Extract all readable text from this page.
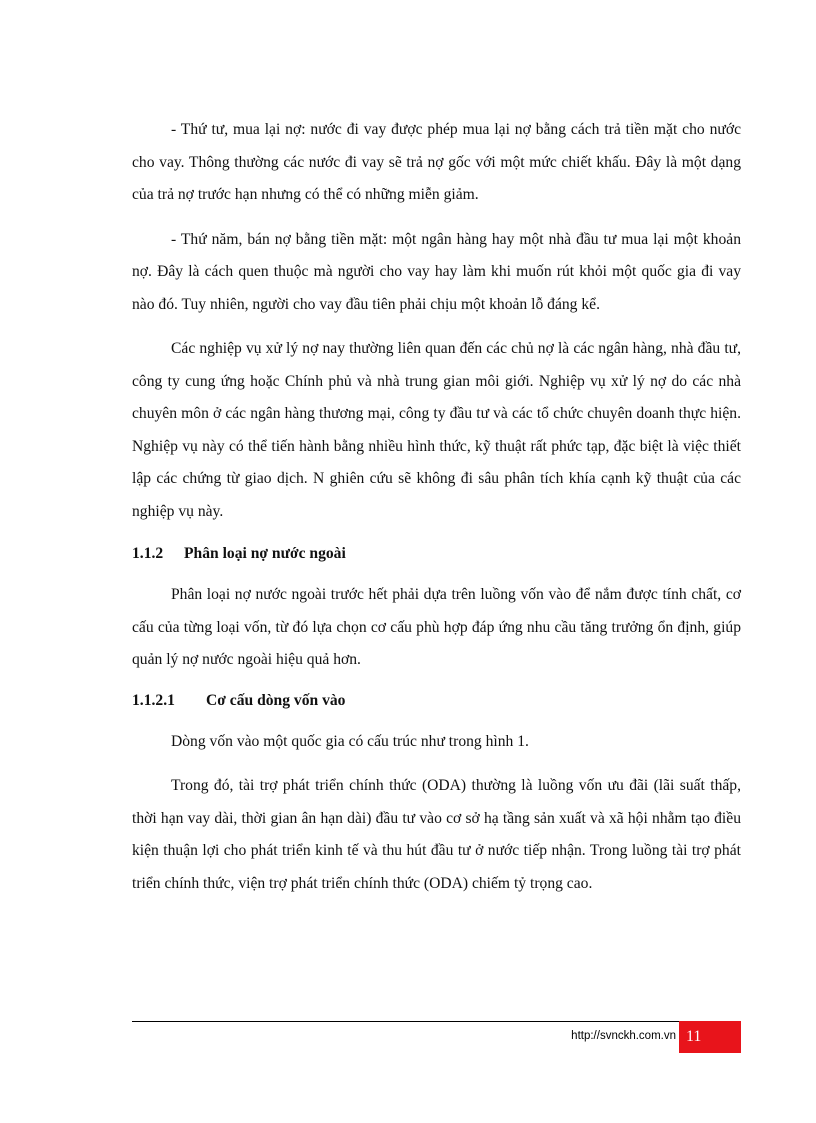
- Thứ tư, mua lại nợ: nước đi vay được phép mua lại nợ bằng cách trả tiền mặt cho nước cho vay. Thông thường các nước đi vay sẽ trả nợ gốc với một mức chiết khấu. Đây là một dạng của trả nợ trước hạn nhưng có thể có những miễn giảm.

- Thứ năm, bán nợ bằng tiền mặt: một ngân hàng hay một nhà đầu tư mua lại một khoản nợ. Đây là cách quen thuộc mà người cho vay hay làm khi muốn rút khỏi một quốc gia đi vay nào đó. Tuy nhiên, người cho vay đầu tiên phải chịu một khoản lỗ đáng kể.

Các nghiệp vụ xử lý nợ nay thường liên quan đến các chủ nợ là các ngân hàng, nhà đầu tư, công ty cung ứng hoặc Chính phủ và nhà trung gian môi giới. Nghiệp vụ xử lý nợ do các nhà chuyên môn ở các ngân hàng thương mại, công ty đầu tư và các tổ chức chuyên doanh thực hiện. Nghiệp vụ này có thể tiến hành bằng nhiều hình thức, kỹ thuật rất phức tạp, đặc biệt là việc thiết lập các chứng từ giao dịch. N ghiên cứu sẽ không đi sâu phân tích khía cạnh kỹ thuật của các nghiệp vụ này.

1.1.2 Phân loại nợ nước ngoài

Phân loại nợ nước ngoài trước hết phải dựa trên luồng vốn vào để nắm được tính chất, cơ cấu của từng loại vốn, từ đó lựa chọn cơ cấu phù hợp đáp ứng nhu cầu tăng trưởng ổn định, giúp quản lý nợ nước ngoài hiệu quả hơn.

1.1.2.1 Cơ cấu dòng vốn vào

Dòng vốn vào một quốc gia có cấu trúc như trong hình 1.

Trong đó, tài trợ phát triển chính thức (ODA) thường là luồng vốn ưu đãi (lãi suất thấp, thời hạn vay dài, thời gian ân hạn dài) đầu tư vào cơ sở hạ tầng sản xuất và xã hội nhằm tạo điều kiện thuận lợi cho phát triển kinh tế và thu hút đầu tư ở nước tiếp nhận. Trong luồng tài trợ phát triển chính thức, viện trợ phát triển chính thức (ODA) chiếm tỷ trọng cao.

http://svnckh.com.vn 11
